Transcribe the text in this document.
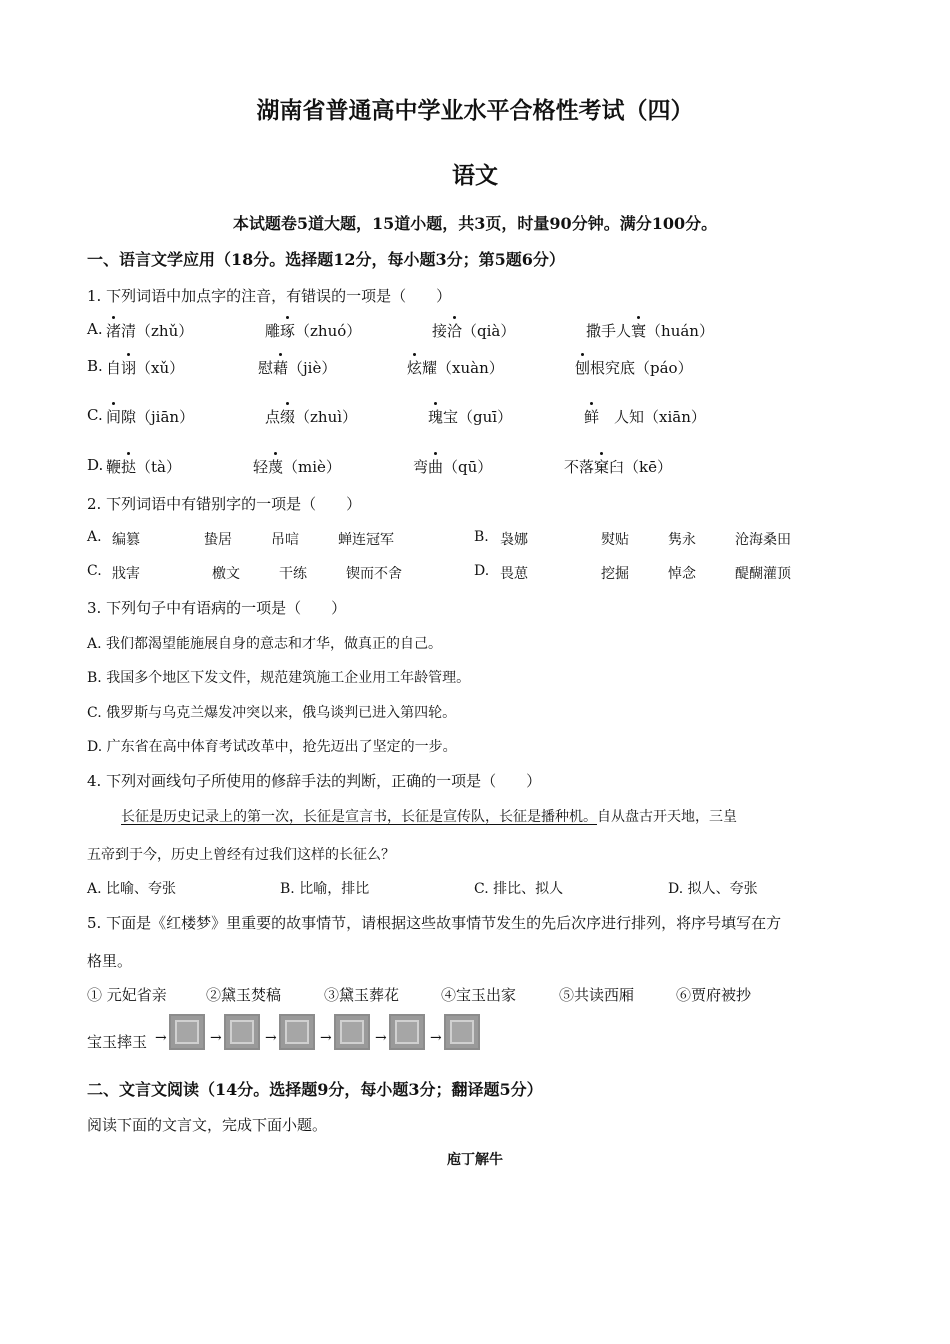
湖南省普通高中学业水平合格性考试（四）
语文
本试题卷5道大题，15道小题，共3页，时量90分钟。满分100分。
一、语言文学应用（18分。选择题12分，每小题3分；第5题6分）
1. 下列词语中加点字的注音，有错误的一项是（　　）
A. 渚清（zhǔ）	雕琢（zhuó）	接洽（qià）	撒手人寰（huán）
B. 自诩（xǔ）	慰藉（jiè）	炫耀（xuàn）	刨根究底（páo）
C. 间隙（jiān）	点缀（zhuì）	瑰宝（guī）	鲜　人知（xiān）
D. 鞭挞（tà）	轻蔑（miè）	弯曲（qū）	不落窠臼（kē）
2. 下列词语中有错别字的一项是（　　）
A. 编篡	蛰居	吊唁	蝉连冠军	B. 袅娜	熨贴	隽永	沧海桑田
C. 戕害	檄文	干练	锲而不舍	D. 畏葸	挖掘	悼念	醍醐灌顶
3. 下列句子中有语病的一项是（　　）
A. 我们都渴望能施展自身的意志和才华，做真正的自己。
B. 我国多个地区下发文件，规范建筑施工企业用工年龄管理。
C. 俄罗斯与乌克兰爆发冲突以来，俄乌谈判已进入第四轮。
D. 广东省在高中体育考试改革中，抢先迈出了坚定的一步。
4. 下列对画线句子所使用的修辞手法的判断，正确的一项是（　　）
长征是历史记录上的第一次，长征是宣言书，长征是宣传队，长征是播种机。自从盘古开天地，三皇
五帝到于今，历史上曾经有过我们这样的长征么？
A. 比喻、夸张	B. 比喻，排比	C. 排比、拟人	D. 拟人、夸张
5. 下面是《红楼梦》里重要的故事情节，请根据这些故事情节发生的先后次序进行排列，将序号填写在方
格里。
① 元妃省亲	②黛玉焚稿	③黛玉葬花	④宝玉出家	⑤共读西厢	⑥贾府被抄
宝玉摔玉 →	→	→	→	→	→
二、文言文阅读（14分。选择题9分，每小题3分；翻译题5分）
阅读下面的文言文，完成下面小题。
庖丁解牛
